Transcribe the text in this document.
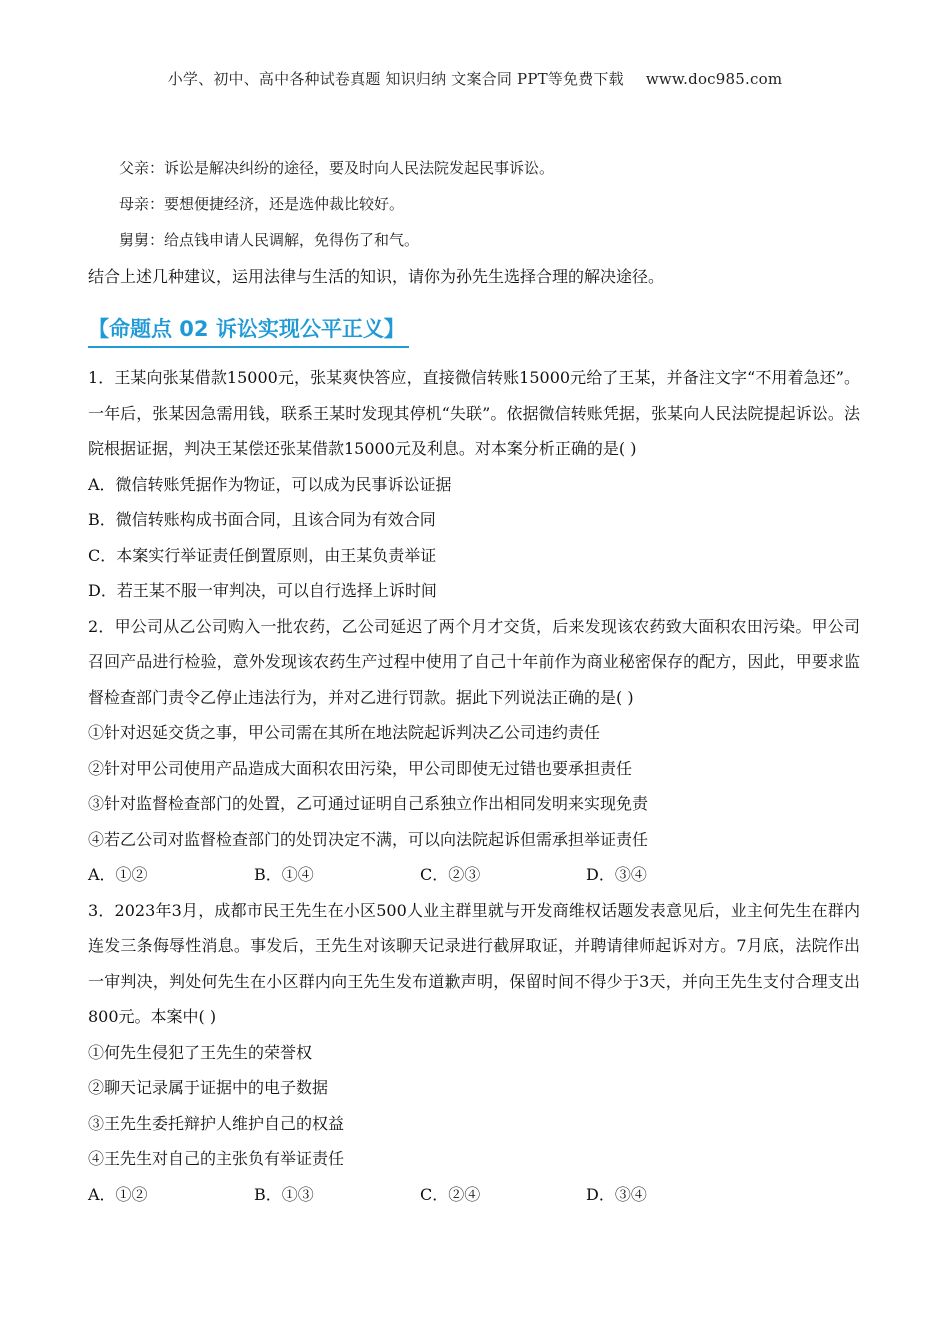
小学、初中、高中各种试卷真题 知识归纳 文案合同 PPT等免费下载 www.doc985.com
父亲：诉讼是解决纠纷的途径，要及时向人民法院发起民事诉讼。
母亲：要想便捷经济，还是选仲裁比较好。
舅舅：给点钱申请人民调解，免得伤了和气。
结合上述几种建议，运用法律与生活的知识，请你为孙先生选择合理的解决途径。
【命题点 02 诉讼实现公平正义】
1．王某向张某借款15000元，张某爽快答应，直接微信转账15000元给了王某，并备注文字“不用着急还”。一年后，张某因急需用钱，联系王某时发现其停机“失联”。依据微信转账凭据，张某向人民法院提起诉讼。法院根据证据，判决王某偿还张某借款15000元及利息。对本案分析正确的是( )
A．微信转账凭据作为物证，可以成为民事诉讼证据
B．微信转账构成书面合同，且该合同为有效合同
C．本案实行举证责任倒置原则，由王某负责举证
D．若王某不服一审判决，可以自行选择上诉时间
2．甲公司从乙公司购入一批农药，乙公司延迟了两个月才交货，后来发现该农药致大面积农田污染。甲公司召回产品进行检验，意外发现该农药生产过程中使用了自己十年前作为商业秘密保存的配方，因此，甲要求监督检查部门责令乙停止违法行为，并对乙进行罚款。据此下列说法正确的是( )
①针对迟延交货之事，甲公司需在其所在地法院起诉判决乙公司违约责任
②针对甲公司使用产品造成大面积农田污染，甲公司即使无过错也要承担责任
③针对监督检查部门的处置，乙可通过证明自己系独立作出相同发明来实现免责
④若乙公司对监督检查部门的处罚决定不满，可以向法院起诉但需承担举证责任
A．①②	B．①④	C．②③	D．③④
3．2023年3月，成都市民王先生在小区500人业主群里就与开发商维权话题发表意见后，业主何先生在群内连发三条侮辱性消息。事发后，王先生对该聊天记录进行截屏取证，并聘请律师起诉对方。7月底，法院作出一审判决，判处何先生在小区群内向王先生发布道歉声明，保留时间不得少于3天，并向王先生支付合理支出800元。本案中( )
①何先生侵犯了王先生的荣誉权
②聊天记录属于证据中的电子数据
③王先生委托辩护人维护自己的权益
④王先生对自己的主张负有举证责任
A．①②	B．①③	C．②④	D．③④
